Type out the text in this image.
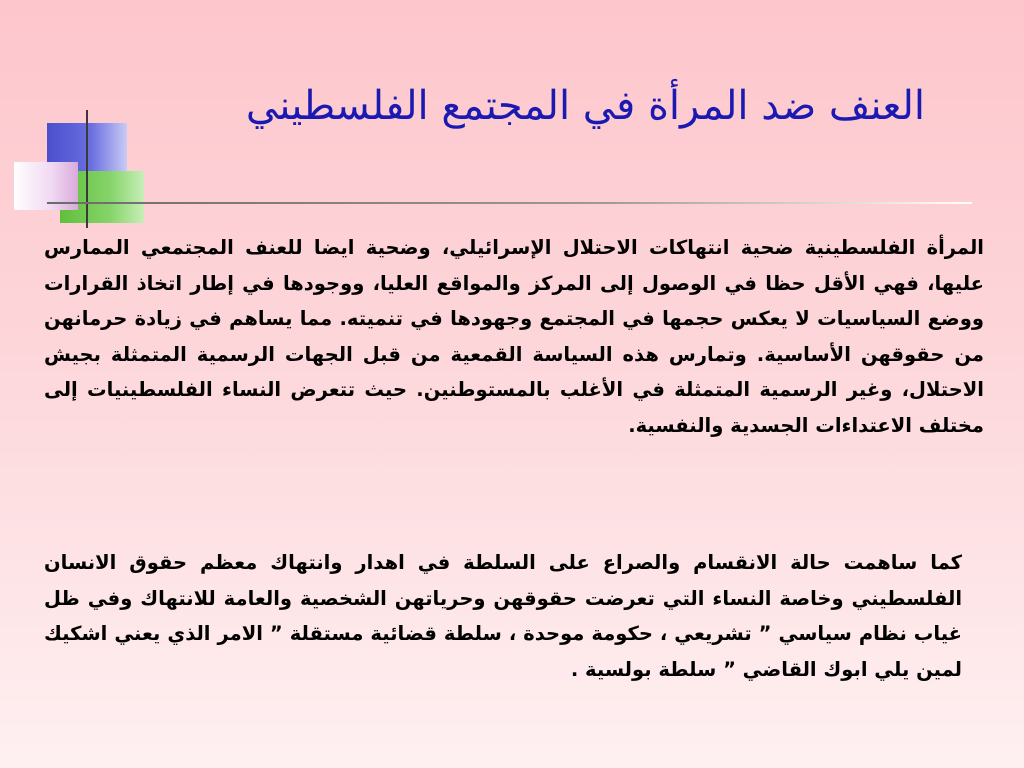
العنف ضد المرأة في المجتمع الفلسطيني

المرأة الفلسطينية ضحية انتهاكات الاحتلال الإسرائيلي، وضحية ايضا للعنف المجتمعي الممارس عليها، فهي الأقل حظا في الوصول إلى المركز والمواقع العليا، ووجودها في إطار اتخاذ القرارات ووضع السياسيات لا يعكس حجمها في المجتمع وجهودها في تنميته. مما يساهم في زيادة حرمانهن من حقوقهن الأساسية. وتمارس هذه السياسة القمعية من قبل الجهات الرسمية المتمثلة بجيش الاحتلال، وغير الرسمية المتمثلة في الأغلب بالمستوطنين. حيث تتعرض النساء الفلسطينيات إلى مختلف الاعتداءات الجسدية والنفسية.

كما ساهمت حالة الانقسام والصراع على السلطة في اهدار وانتهاك معظم حقوق الانسان الفلسطيني وخاصة النساء التي تعرضت حقوقهن وحرياتهن الشخصية والعامة للانتهاك وفي ظل غياب نظام سياسي ” تشريعي ، حكومة موحدة ، سلطة قضائية مستقلة ” الامر الذي يعني اشكيك لمين يلي ابوك القاضي ” سلطة بولسية .
